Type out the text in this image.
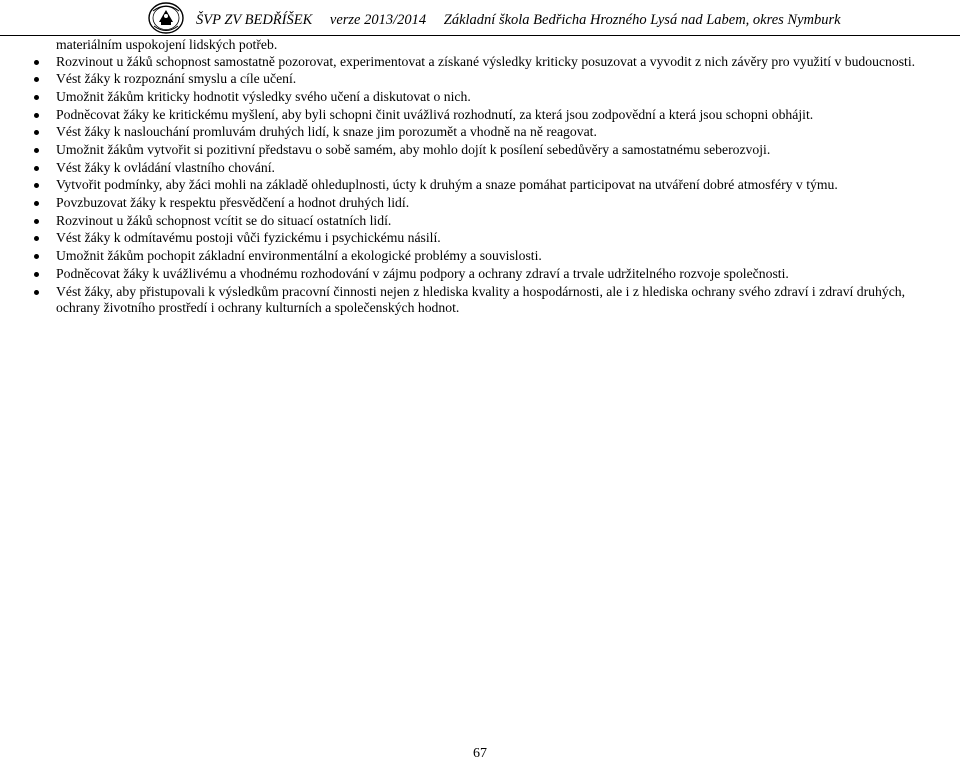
ŠVP ZV BEDŘÍŠEK verze 2013/2014 Základní škola Bedřicha Hrozného Lysá nad Labem, okres Nymburk

materiálním uspokojení lidských potřeb.

Rozvinout u žáků schopnost samostatně pozorovat, experimentovat a získané výsledky kriticky posuzovat a vyvodit z nich závěry pro využití v budoucnosti.
Vést žáky k rozpoznání smyslu a cíle učení.
Umožnit žákům kriticky hodnotit výsledky svého učení a diskutovat o nich.
Podněcovat žáky ke kritickému myšlení, aby byli schopni činit uvážlivá rozhodnutí, za která jsou zodpovědní a která jsou schopni obhájit.
Vést žáky k naslouchání promluvám druhých lidí, k snaze jim porozumět a vhodně na ně reagovat.
Umožnit žákům vytvořit si pozitivní představu o sobě samém, aby mohlo dojít k posílení sebedůvěry a samostatnému seberozvoji.
Vést žáky k ovládání vlastního chování.
Vytvořit podmínky, aby žáci mohli na základě ohleduplnosti, úcty k druhým a snaze pomáhat participovat na utváření dobré atmosféry v týmu.
Povzbuzovat žáky k respektu přesvědčení a hodnot druhých lidí.
Rozvinout u žáků schopnost vcítit se do situací ostatních lidí.
Vést žáky k odmítavému postoji vůči fyzickému i psychickému násilí.
Umožnit žákům pochopit základní environmentální a ekologické problémy a souvislosti.
Podněcovat žáky k uvážlivému a vhodnému rozhodování v zájmu podpory a ochrany zdraví a trvale udržitelného rozvoje společnosti.
Vést žáky, aby přistupovali k výsledkům pracovní činnosti nejen z hlediska kvality a hospodárnosti, ale i z hlediska ochrany svého zdraví i zdraví druhých, ochrany životního prostředí i ochrany kulturních a společenských hodnot.
67
